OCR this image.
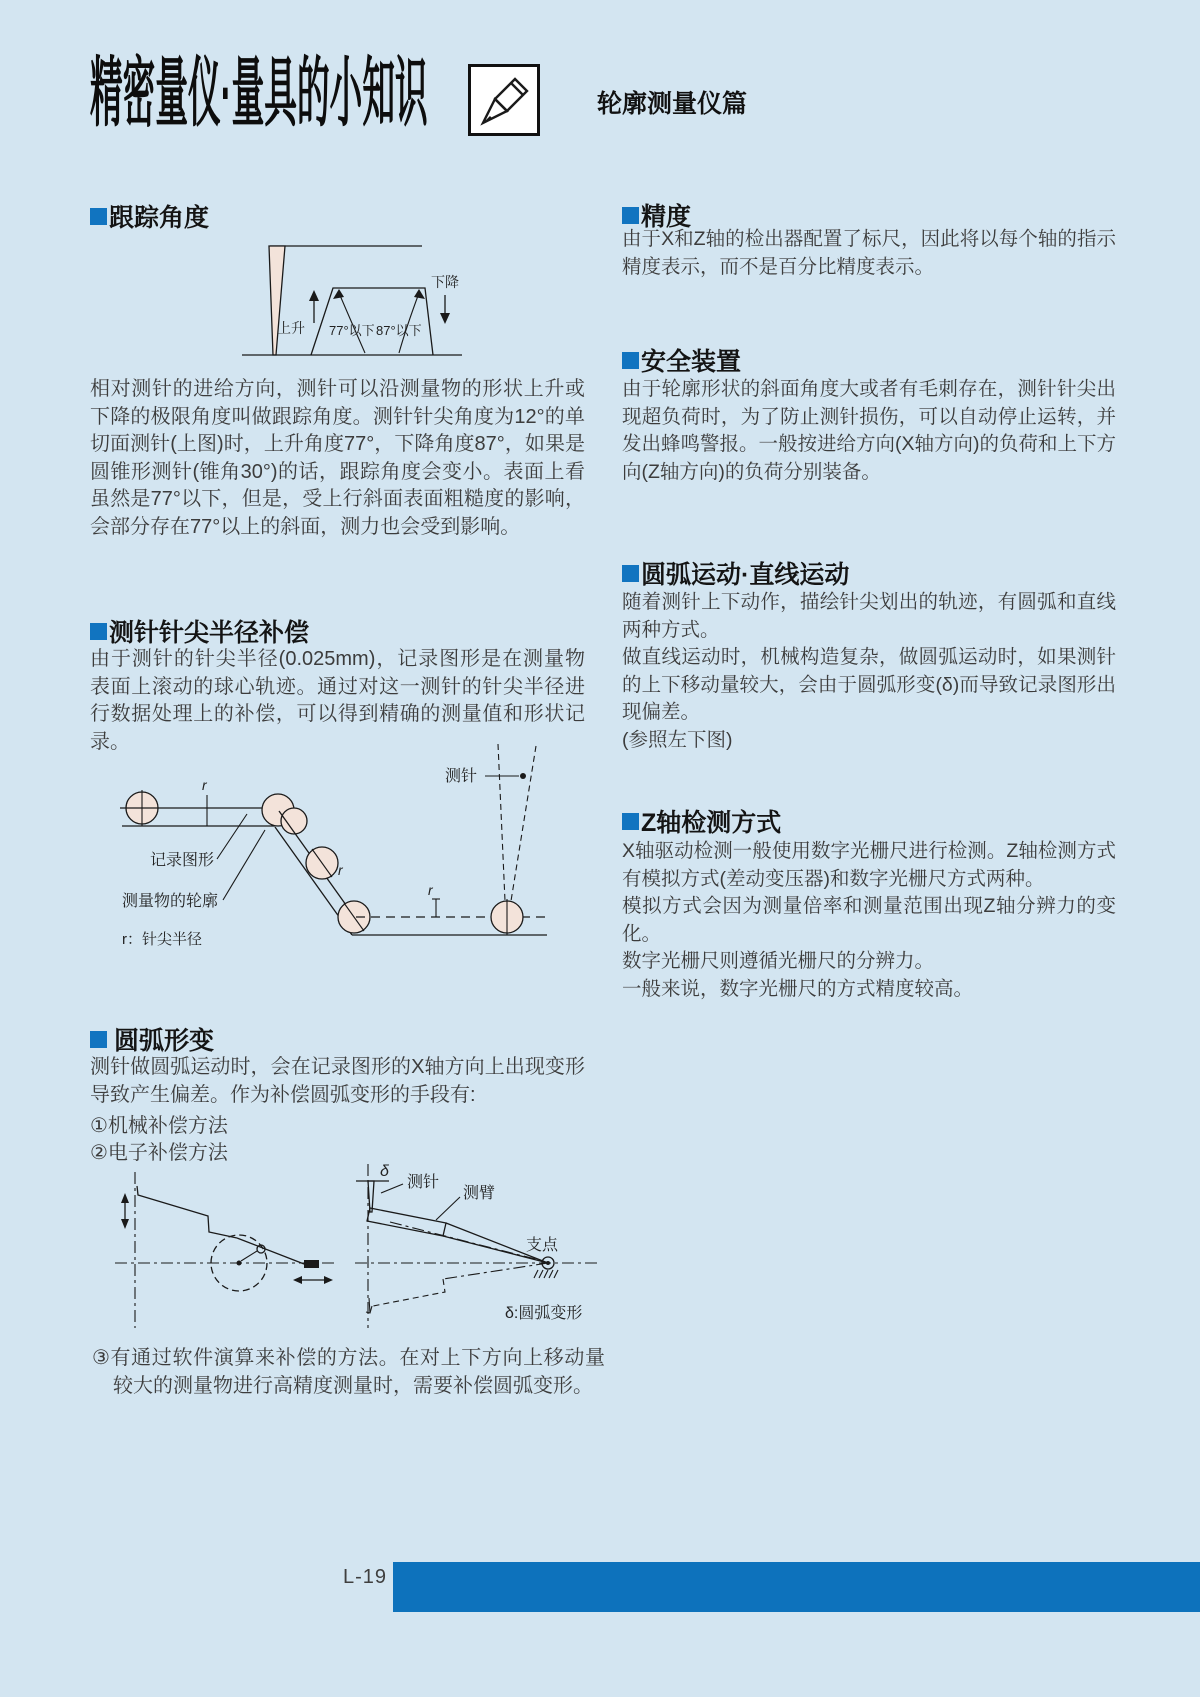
精密量仪·量具的小知识	轮廓测量仪篇
跟踪角度
上升 77°以下 87°以下
下降
相对测针的进给方向，测针可以沿测量物的形状上升或下降的极限角度叫做跟踪角度。测针针尖角度为12°的单切面测针(上图)时，上升角度77°，下降角度87°，如果是圆锥形测针(锥角30°)的话，跟踪角度会变小。表面上看虽然是77°以下，但是，受上行斜面表面粗糙度的影响，会部分存在77°以上的斜面，测力也会受到影响。
测针针尖半径补偿
由于测针的针尖半径(0.025mm)，记录图形是在测量物表面上滚动的球心轨迹。通过对这一测针的针尖半径进行数据处理上的补偿，可以得到精确的测量值和形状记录。
r
r
r
测针
记录图形
测量物的轮廓
r：针尖半径
圆弧形变
测针做圆弧运动时，会在记录图形的X轴方向上出现变形导致产生偏差。作为补偿圆弧变形的手段有:
①机械补偿方法
②电子补偿方法
δ
测针
测臂
支点
δ:圆弧变形
③有通过软件演算来补偿的方法。在对上下方向上移动量较大的测量物进行高精度测量时，需要补偿圆弧变形。
精度
由于X和Z轴的检出器配置了标尺，因此将以每个轴的指示精度表示，而不是百分比精度表示。
安全装置
由于轮廓形状的斜面角度大或者有毛刺存在，测针针尖出现超负荷时，为了防止测针损伤，可以自动停止运转，并发出蜂鸣警报。一般按进给方向(X轴方向)的负荷和上下方向(Z轴方向)的负荷分别装备。
圆弧运动·直线运动

随着测针上下动作，描绘针尖划出的轨迹，有圆弧和直线两种方式。

做直线运动时，机械构造复杂，做圆弧运动时，如果测针的上下移动量较大，会由于圆弧形变(δ)而导致记录图形出现偏差。

(参照左下图)

Z轴检测方式

X轴驱动检测一般使用数字光栅尺进行检测。Z轴检测方式有模拟方式(差动变压器)和数字光栅尺方式两种。

模拟方式会因为测量倍率和测量范围出现Z轴分辨力的变化。

数字光栅尺则遵循光栅尺的分辨力。

一般来说，数字光栅尺的方式精度较高。

L-19
